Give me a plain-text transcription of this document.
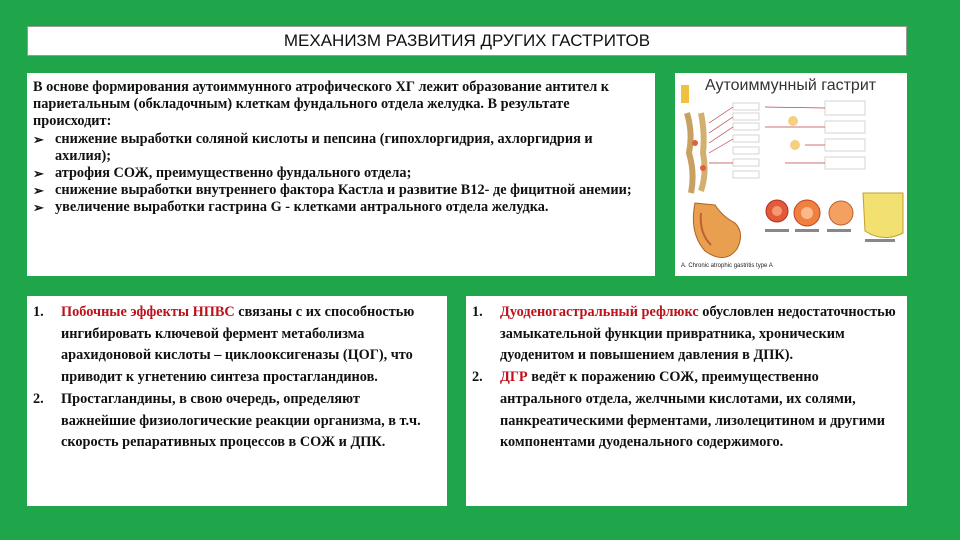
МЕХАНИЗМ РАЗВИТИЯ ДРУГИХ ГАСТРИТОВ
В основе формирования аутоиммунного атрофического ХГ лежит образование антител к париетальным (обкладочным) клеткам фундального отдела желудка. В результате происходит:
➢ снижение выработки соляной кислоты и пепсина (гипохлоргидрия, ахлоргидрия и ахилия);
➢ атрофия СОЖ, преимущественно фундального отдела;
➢ снижение выработки внутреннего фактора Кастла и развитие В12- де фицитной анемии;
➢ увеличение выработки гастрина G - клетками антрального отдела желудка.
Аутоиммунный гастрит
A. Chronic atrophic gastritis type A
1. Побочные эффекты НПВС связаны с их способностью ингибировать ключевой фермент метаболизма арахидоновой кислоты – циклооксигеназы (ЦОГ), что приводит к угнетению синтеза простагландинов.
2. Простагландины, в свою очередь, определяют важнейшие физиологические реакции организма, в т.ч. скорость репаративных процессов в СОЖ и ДПК.
1. Дуоденогастральный рефлюкс обусловлен недостаточностью замыкательной функции привратника, хроническим дуоденитом и повышением давления в ДПК).
2. ДГР ведёт к поражению СОЖ, преимущественно антрального отдела, желчными кислотами, их солями, панкреатическими ферментами, лизолецитином и другими компонентами дуоденального содержимого.
